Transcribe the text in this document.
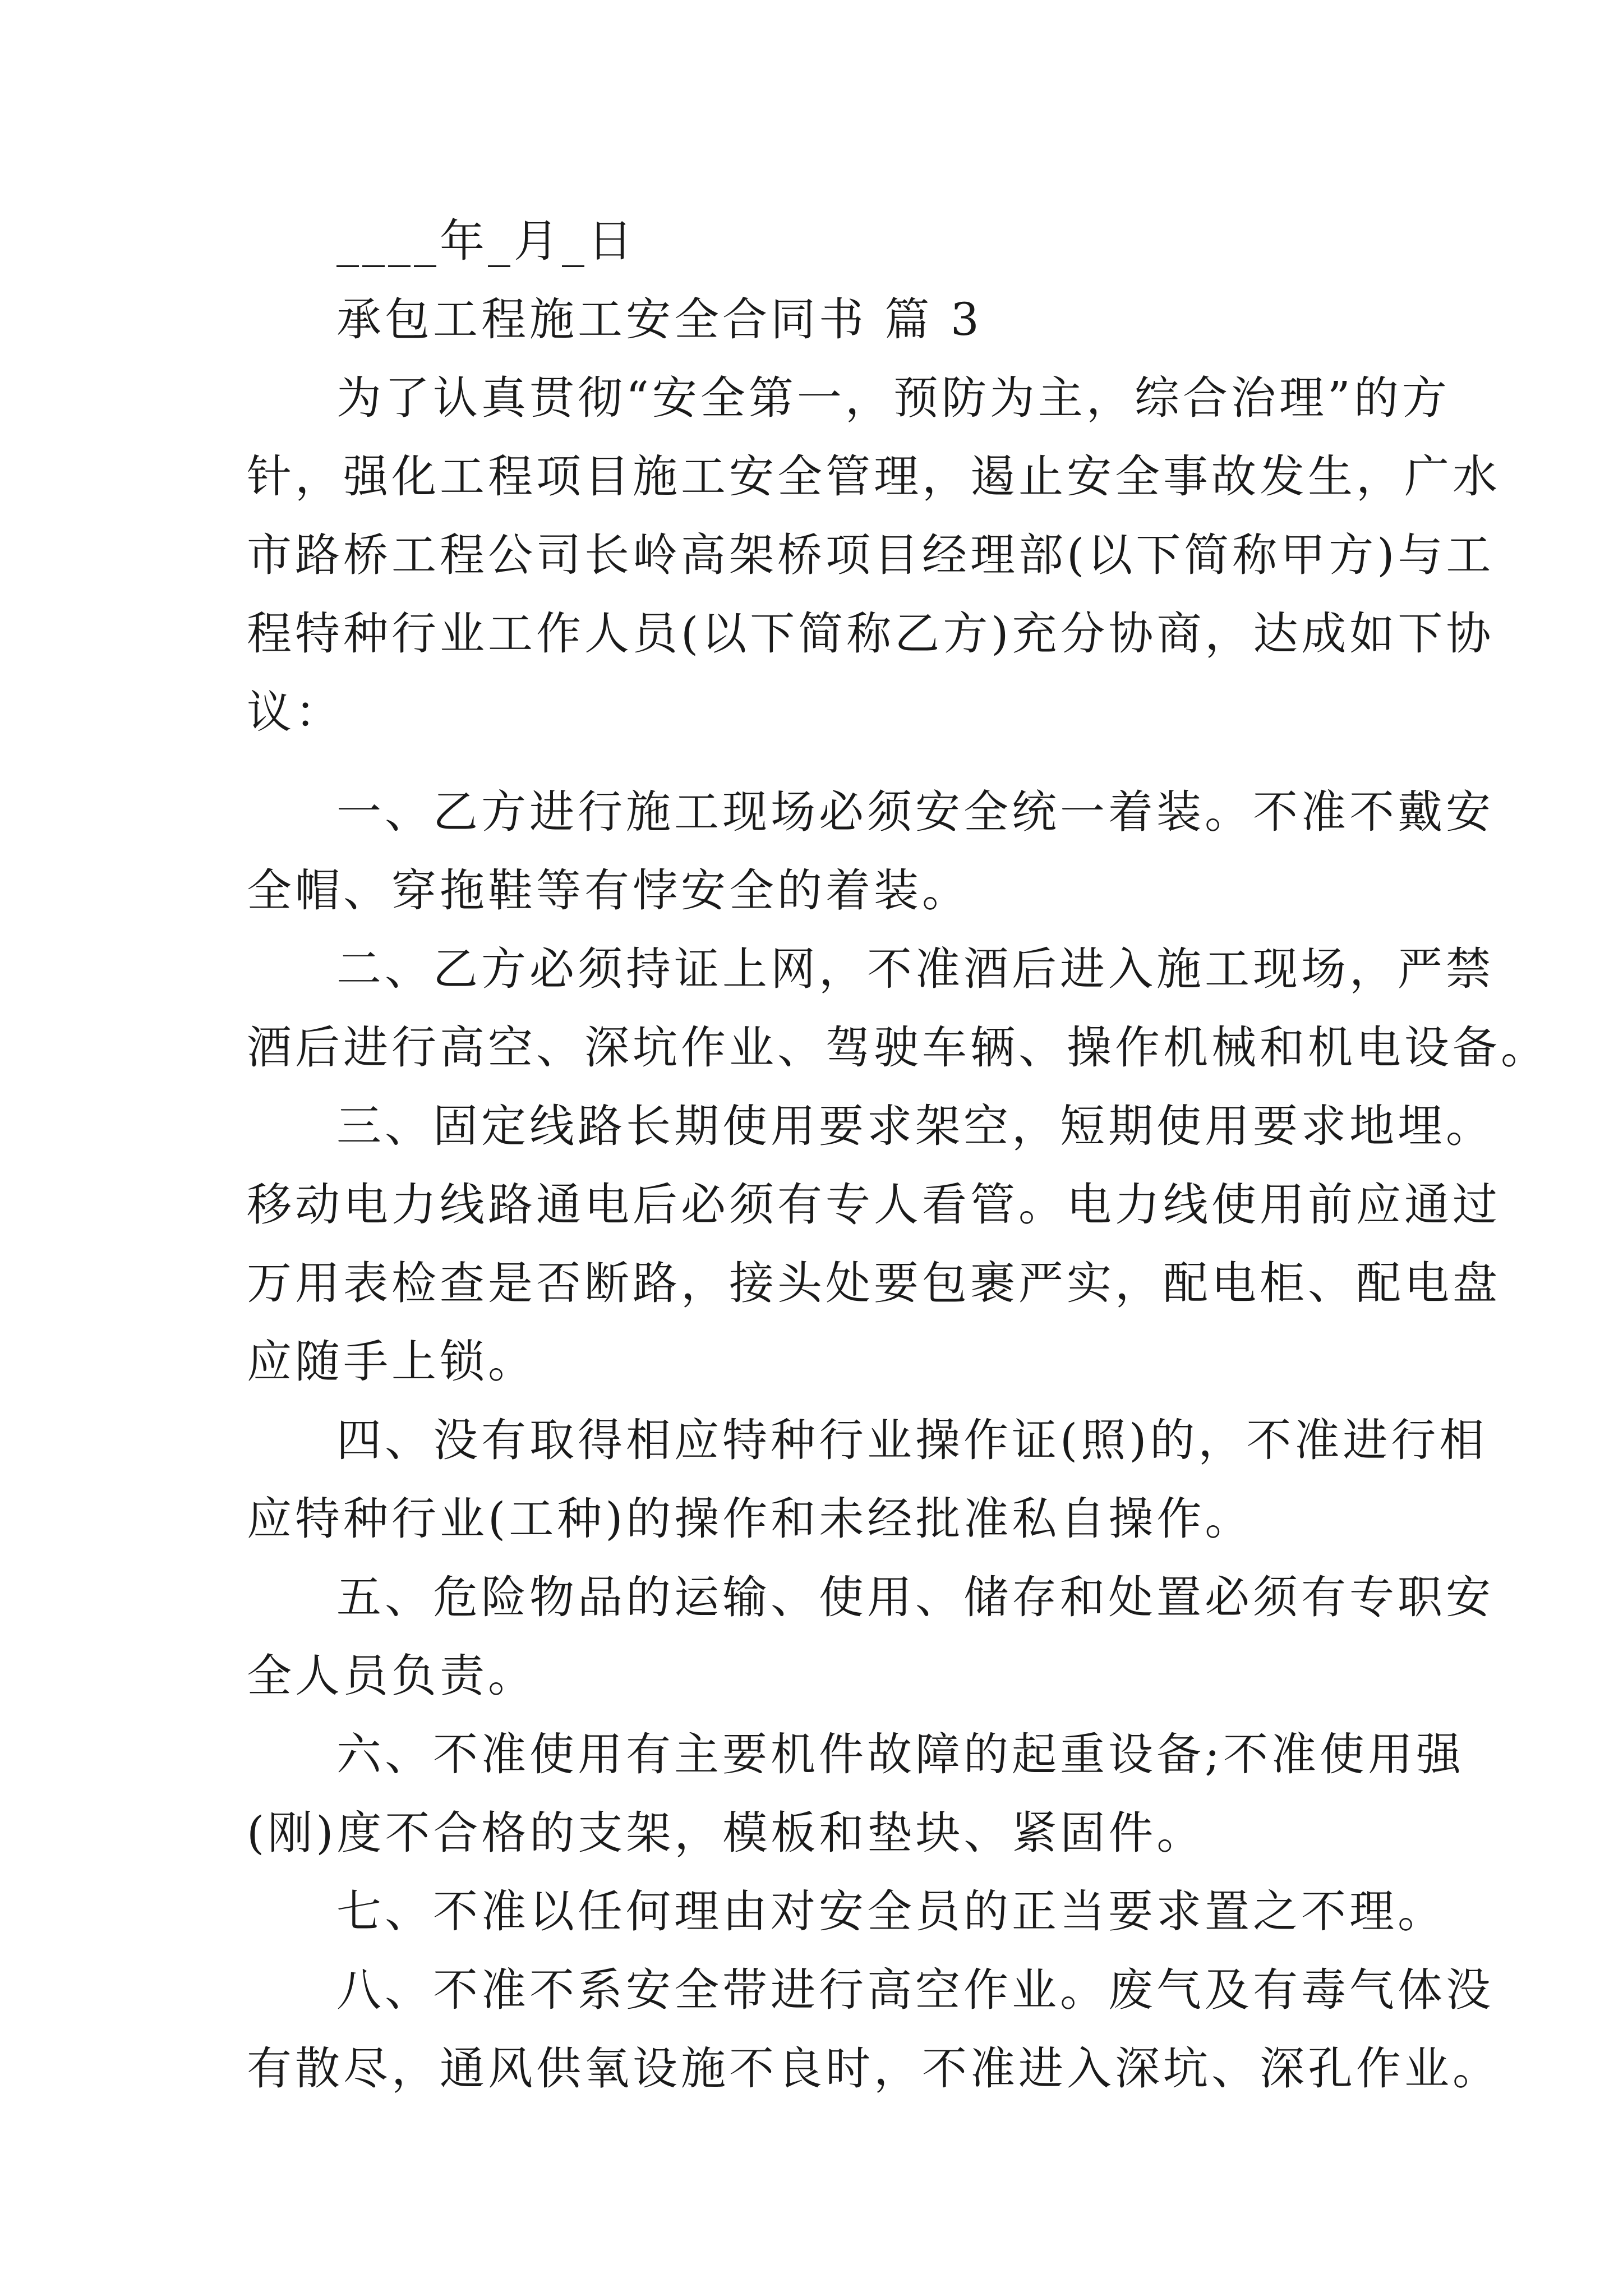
____年_月_日
承包工程施工安全合同书 篇 3
为了认真贯彻“安全第一，预防为主，综合治理”的方
针，强化工程项目施工安全管理，遏止安全事故发生，广水
市路桥工程公司长岭高架桥项目经理部(以下简称甲方)与工
程特种行业工作人员(以下简称乙方)充分协商，达成如下协
议：
一、乙方进行施工现场必须安全统一着装。不准不戴安
全帽、穿拖鞋等有悖安全的着装。
二、乙方必须持证上网，不准酒后进入施工现场，严禁
酒后进行高空、深坑作业、驾驶车辆、操作机械和机电设备。
三、固定线路长期使用要求架空，短期使用要求地埋。
移动电力线路通电后必须有专人看管。电力线使用前应通过
万用表检查是否断路，接头处要包裹严实，配电柜、配电盘
应随手上锁。
四、没有取得相应特种行业操作证(照)的，不准进行相
应特种行业(工种)的操作和未经批准私自操作。
五、危险物品的运输、使用、储存和处置必须有专职安
全人员负责。
六、不准使用有主要机件故障的起重设备;不准使用强
(刚)度不合格的支架，模板和垫块、紧固件。
七、不准以任何理由对安全员的正当要求置之不理。
八、不准不系安全带进行高空作业。废气及有毒气体没
有散尽，通风供氧设施不良时，不准进入深坑、深孔作业。
